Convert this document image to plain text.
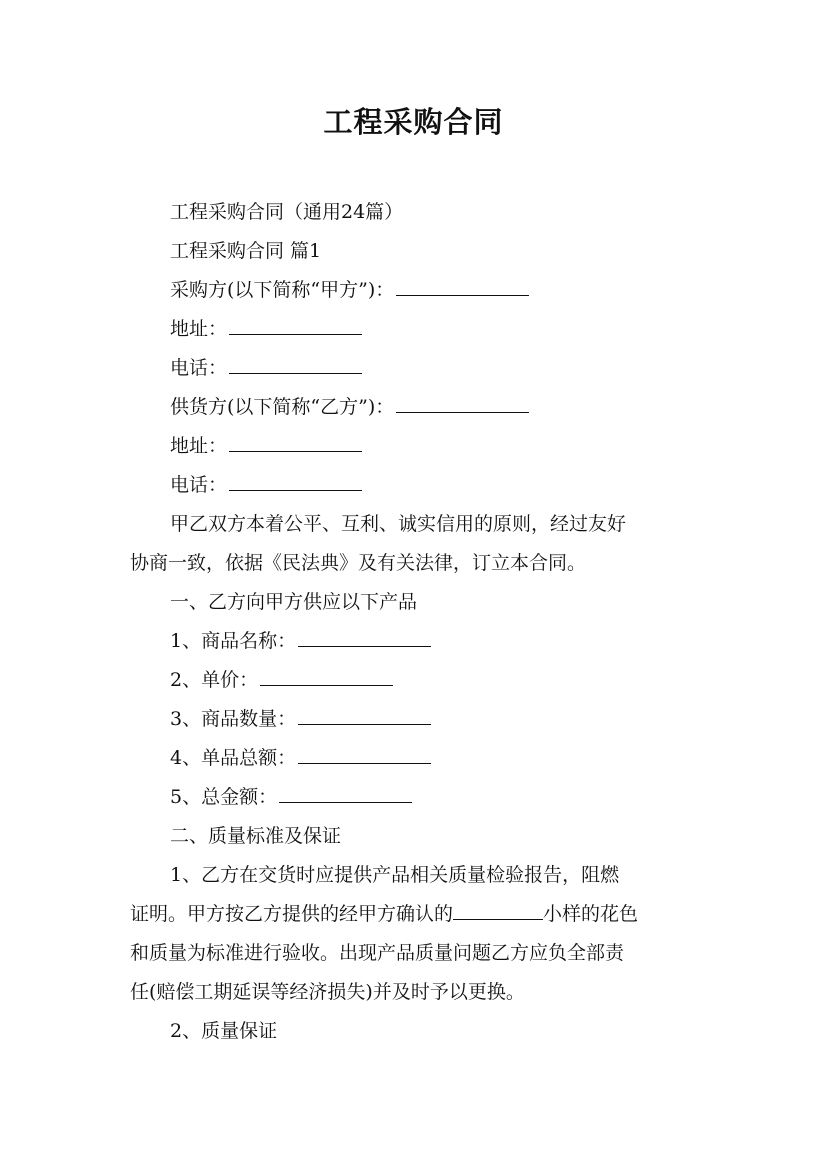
工程采购合同
工程采购合同（通用24篇）
工程采购合同 篇1
采购方(以下简称“甲方”)：
地址：
电话：
供货方(以下简称“乙方”)：
地址：
电话：
甲乙双方本着公平、互利、诚实信用的原则，经过友好
协商一致，依据《民法典》及有关法律，订立本合同。
一、乙方向甲方供应以下产品
1、商品名称：
2、单价：
3、商品数量：
4、单品总额：
5、总金额：
二、质量标准及保证
1、乙方在交货时应提供产品相关质量检验报告，阻燃
证明。甲方按乙方提供的经甲方确认的	小样的花色
和质量为标准进行验收。出现产品质量问题乙方应负全部责
任(赔偿工期延误等经济损失)并及时予以更换。
2、质量保证
